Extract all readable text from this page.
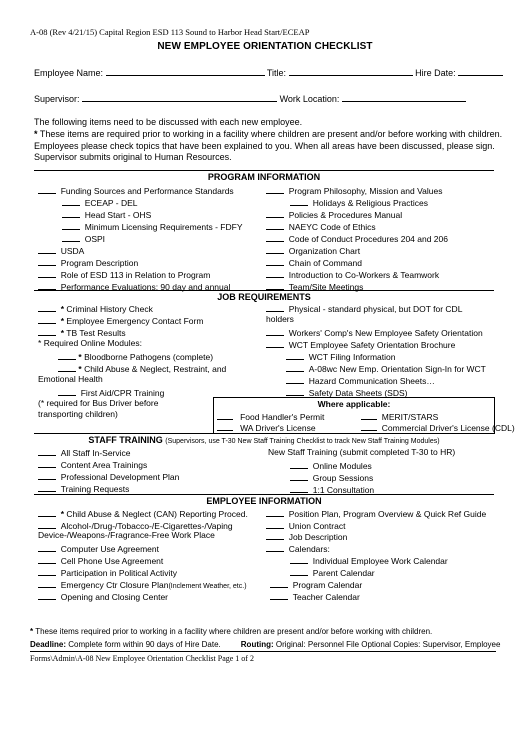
A-08 (Rev 4/21/15) Capital Region ESD 113 Sound to Harbor Head Start/ECEAP
NEW EMPLOYEE ORIENTATION CHECKLIST
Employee Name:	Title:	Hire Date:
Supervisor:	Work Location:
The following items need to be discussed with each new employee.
* These items are required prior to working in a facility where children are present and/or before working with children.
Employees please check topics that have been explained to you. When all areas have been discussed, please sign.
Supervisor submits original to Human Resources.
PROGRAM INFORMATION
Funding Sources and Performance Standards
ECEAP - DEL
Head Start - OHS
Minimum Licensing Requirements - FDFY
OSPI
USDA
Program Description
Role of ESD 113 in Relation to Program
Performance Evaluations: 90 day and annual
Program Philosophy, Mission and Values
Holidays & Religious Practices
Policies & Procedures Manual
NAEYC Code of Ethics
Code of Conduct Procedures 204 and 206
Organization Chart
Chain of Command
Introduction to Co-Workers & Teamwork
Team/Site Meetings
JOB REQUIREMENTS
* Criminal History Check
* Employee Emergency Contact Form
* TB Test Results
* Required Online Modules:
* Bloodborne Pathogens (complete)
* Child Abuse & Neglect, Restraint, and
Emotional Health
First Aid/CPR Training
(* required for Bus Driver before
transporting children)
Physical - standard physical, but DOT for CDL
holders
Workers' Comp's New Employee Safety Orientation
WCT Employee Safety Orientation Brochure
WCT Filing Information
A-08wc New Emp. Orientation Sign-In for WCT
Hazard Communication Sheets…
Safety Data Sheets (SDS)
Where applicable:
Food Handler's Permit	MERIT/STARS
WA Driver's License	Commercial Driver's License (CDL)
STAFF TRAINING (Supervisors, use T-30 New Staff Training Checklist to track New Staff Training Modules)
All Staff In-Service
Content Area Trainings
Professional Development Plan
Training Requests
New Staff Training (submit completed T-30 to HR)
Online Modules
Group Sessions
1:1 Consultation
EMPLOYEE INFORMATION
* Child Abuse & Neglect (CAN) Reporting Proced.
Alcohol-/Drug-/Tobacco-/E-Cigarettes-/Vaping
Device-/Weapons-/Fragrance-Free Work Place
Computer Use Agreement
Cell Phone Use Agreement
Participation in Political Activity
Emergency Ctr Closure Plan(Inclement Weather, etc.)
Opening and Closing Center
Position Plan, Program Overview & Quick Ref Guide
Union Contract
Job Description
Calendars:
Individual Employee Work Calendar
Parent Calendar
Program Calendar
Teacher Calendar
* These items required prior to working in a facility where children are present and/or before working with children.
Deadline: Complete form within 90 days of Hire Date.	Routing: Original: Personnel File Optional Copies: Supervisor, Employee
Forms\Admin\A-08 New Employee Orientation Checklist Page 1 of 2
